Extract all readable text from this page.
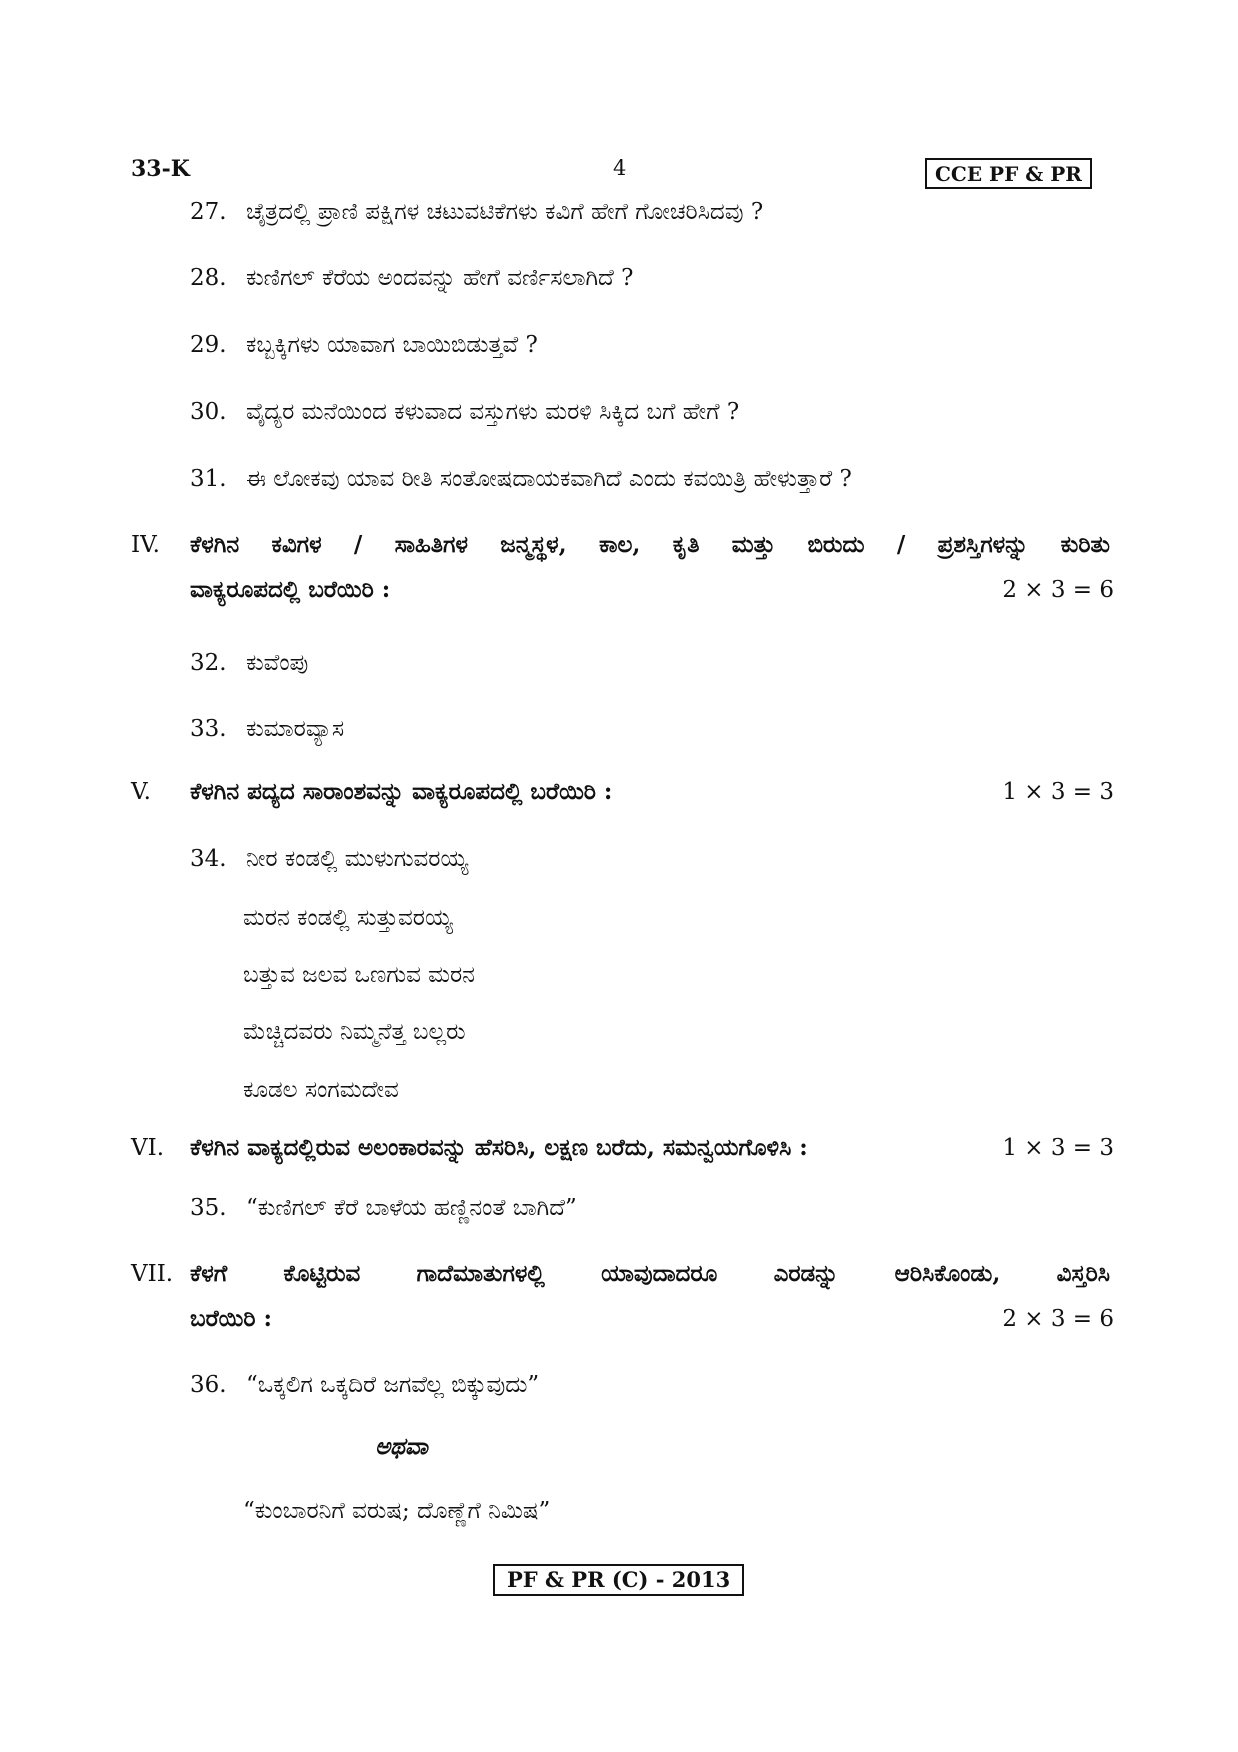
33-K	4	CCE PF & PR
27. ಚೈತ್ರದಲ್ಲಿ ಪ್ರಾಣಿ ಪಕ್ಷಿಗಳ ಚಟುವಟಿಕೆಗಳು ಕವಿಗೆ ಹೇಗೆ ಗೋಚರಿಸಿದವು ?
28. ಕುಣಿಗಲ್ ಕೆರೆಯ ಅಂದವನ್ನು ಹೇಗೆ ವರ್ಣಿಸಲಾಗಿದೆ ?
29. ಕಬ್ಬಕ್ಕಿಗಳು ಯಾವಾಗ ಬಾಯಿಬಿಡುತ್ತವೆ ?
30. ವೈದ್ಯರ ಮನೆಯಿಂದ ಕಳುವಾದ ವಸ್ತುಗಳು ಮರಳಿ ಸಿಕ್ಕಿದ ಬಗೆ ಹೇಗೆ ?
31. ಈ ಲೋಕವು ಯಾವ ರೀತಿ ಸಂತೋಷದಾಯಕವಾಗಿದೆ ಎಂದು ಕವಯಿತ್ರಿ ಹೇಳುತ್ತಾರೆ ?
IV. ಕೆಳಗಿನ ಕವಿಗಳ / ಸಾಹಿತಿಗಳ ಜನ್ಮಸ್ಥಳ, ಕಾಲ, ಕೃತಿ ಮತ್ತು ಬಿರುದು / ಪ್ರಶಸ್ತಿಗಳನ್ನು ಕುರಿತು
ವಾಕ್ಯರೂಪದಲ್ಲಿ ಬರೆಯಿರಿ :	2 × 3 = 6
32. ಕುವೆಂಪು
33. ಕುಮಾರವ್ಯಾಸ
V. ಕೆಳಗಿನ ಪದ್ಯದ ಸಾರಾಂಶವನ್ನು ವಾಕ್ಯರೂಪದಲ್ಲಿ ಬರೆಯಿರಿ :	1 × 3 = 3
34. ನೀರ ಕಂಡಲ್ಲಿ ಮುಳುಗುವರಯ್ಯ
ಮರನ ಕಂಡಲ್ಲಿ ಸುತ್ತುವರಯ್ಯ
ಬತ್ತುವ ಜಲವ ಒಣಗುವ ಮರನ
ಮೆಚ್ಚಿದವರು ನಿಮ್ಮನೆತ್ತ ಬಲ್ಲರು
ಕೂಡಲ ಸಂಗಮದೇವ
VI. ಕೆಳಗಿನ ವಾಕ್ಯದಲ್ಲಿರುವ ಅಲಂಕಾರವನ್ನು ಹೆಸರಿಸಿ, ಲಕ್ಷಣ ಬರೆದು, ಸಮನ್ವಯಗೊಳಿಸಿ :	1 × 3 = 3
35. “ಕುಣಿಗಲ್ ಕೆರೆ ಬಾಳೆಯ ಹಣ್ಣಿನಂತೆ ಬಾಗಿದೆ”
VII. ಕೆಳಗೆ ಕೊಟ್ಟಿರುವ ಗಾದೆಮಾತುಗಳಲ್ಲಿ ಯಾವುದಾದರೂ ಎರಡನ್ನು ಆರಿಸಿಕೊಂಡು, ವಿಸ್ತರಿಸಿ
ಬರೆಯಿರಿ :	2 × 3 = 6
36. “ಒಕ್ಕಲಿಗ ಒಕ್ಕದಿರೆ ಜಗವೆಲ್ಲ ಬಿಕ್ಕುವುದು”
ಅಥವಾ
“ಕುಂಬಾರನಿಗೆ ವರುಷ; ದೊಣ್ಣೆಗೆ ನಿಮಿಷ”
PF & PR (C) - 2013
